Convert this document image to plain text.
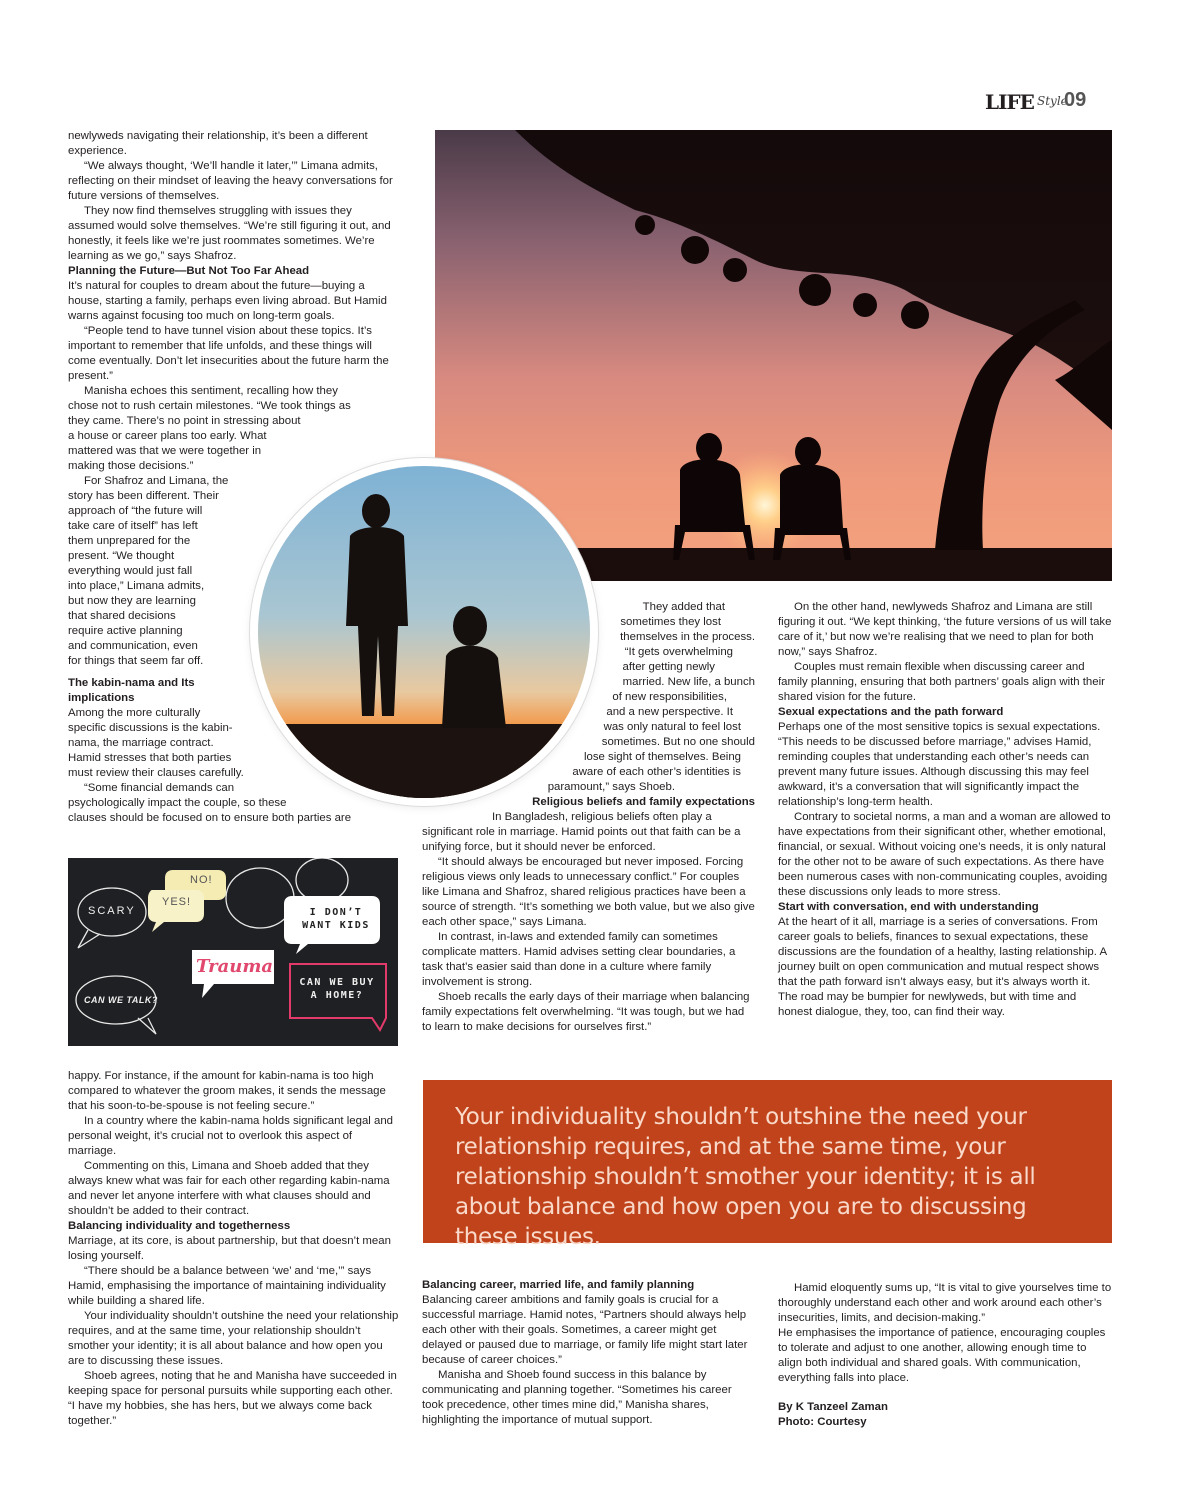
LIFE Style
09

newlyweds navigating their relationship, it’s been a different experience.

“We always thought, ‘We’ll handle it later,’” Limana admits, reflecting on their mindset of leaving the heavy conversations for future versions of themselves.

They now find themselves struggling with issues they assumed would solve themselves. “We’re still figuring it out, and honestly, it feels like we’re just roommates sometimes. We’re learning as we go,” says Shafroz.

Planning the Future—But Not Too Far Ahead

It’s natural for couples to dream about the future—buying a house, starting a family, perhaps even living abroad. But Hamid warns against focusing too much on long-term goals.

“People tend to have tunnel vision about these topics. It’s important to remember that life unfolds, and these things will come eventually. Don’t let insecurities about the future harm the present.”

Manisha echoes this sentiment, recalling how they
chose not to rush certain milestones. “We took things as
they came. There’s no point in stressing about
a house or career plans too early. What
mattered was that we were together in
making those decisions.”
For Shafroz and Limana, the
story has been different. Their
approach of “the future will
take care of itself” has left
them unprepared for the
present. “We thought
everything would just fall
into place,” Limana admits,
but now they are learning
that shared decisions
require active planning
and communication, even
for things that seem far off.
The kabin-nama and Its
implications
Among the more culturally
specific discussions is the kabin-
nama, the marriage contract.
Hamid stresses that both parties
must review their clauses carefully.
“Some financial demands can
psychologically impact the couple, so these
clauses should be focused on to ensure both parties are
NO!
YES!
SCARY	I DON’T WANT KIDS
Trauma
CAN WE BUY A HOME?
CAN WE TALK?

happy. For instance, if the amount for kabin-nama is too high compared to whatever the groom makes, it sends the message that his soon-to-be-spouse is not feeling secure.”

In a country where the kabin-nama holds significant legal and personal weight, it’s crucial not to overlook this aspect of marriage.

Commenting on this, Limana and Shoeb added that they always knew what was fair for each other regarding kabin-nama and never let anyone interfere with what clauses should and shouldn’t be added to their contract.

Balancing individuality and togetherness

Marriage, at its core, is about partnership, but that doesn’t mean losing yourself.

“There should be a balance between ‘we’ and ‘me,’” says Hamid, emphasising the importance of maintaining individuality while building a shared life.

Your individuality shouldn’t outshine the need your relationship requires, and at the same time, your relationship shouldn’t smother your identity; it is all about balance and how open you are to discussing these issues.

Shoeb agrees, noting that he and Manisha have succeeded in keeping space for personal pursuits while supporting each other. “I have my hobbies, she has hers, but we always come back together.”

They added that
sometimes they lost
themselves in the process.
“It gets overwhelming
after getting newly
married. New life, a bunch
of new responsibilities,
and a new perspective. It
was only natural to feel lost
sometimes. But no one should
lose sight of themselves. Being
aware of each other’s identities is
paramount,” says Shoeb.
Religious beliefs and family expectations

In Bangladesh, religious beliefs often play a significant role in marriage. Hamid points out that faith can be a unifying force, but it should never be enforced.

“It should always be encouraged but never imposed. Forcing religious views only leads to unnecessary conflict.” For couples like Limana and Shafroz, shared religious practices have been a source of strength. “It’s something we both value, but we also give each other space,” says Limana.

In contrast, in-laws and extended family can sometimes complicate matters. Hamid advises setting clear boundaries, a task that’s easier said than done in a culture where family involvement is strong.

Shoeb recalls the early days of their marriage when balancing family expectations felt overwhelming. “It was tough, but we had to learn to make decisions for ourselves first.”

On the other hand, newlyweds Shafroz and Limana are still figuring it out. “We kept thinking, ‘the future versions of us will take care of it,’ but now we’re realising that we need to plan for both now,” says Shafroz.

Couples must remain flexible when discussing career and family planning, ensuring that both partners’ goals align with their shared vision for the future.

Sexual expectations and the path forward

Perhaps one of the most sensitive topics is sexual expectations. “This needs to be discussed before marriage,” advises Hamid, reminding couples that understanding each other’s needs can prevent many future issues. Although discussing this may feel awkward, it’s a conversation that will significantly impact the relationship’s long-term health.

Contrary to societal norms, a man and a woman are allowed to have expectations from their significant other, whether emotional, financial, or sexual. Without voicing one’s needs, it is only natural for the other not to be aware of such expectations. As there have been numerous cases with non-communicating couples, avoiding these discussions only leads to more stress.

Start with conversation, end with understanding

At the heart of it all, marriage is a series of conversations. From career goals to beliefs, finances to sexual expectations, these discussions are the foundation of a healthy, lasting relationship. A journey built on open communication and mutual respect shows that the path forward isn’t always easy, but it’s always worth it. The road may be bumpier for newlyweds, but with time and honest dialogue, they, too, can find their way.

Your individuality shouldn’t outshine the need your relationship requires, and at the same time, your relationship shouldn’t smother your identity; it is all about balance and how open you are to discussing these issues.
Balancing career, married life, and family planning

Balancing career ambitions and family goals is crucial for a successful marriage. Hamid notes, “Partners should always help each other with their goals. Sometimes, a career might get delayed or paused due to marriage, or family life might start later because of career choices.”

Manisha and Shoeb found success in this balance by communicating and planning together. “Sometimes his career took precedence, other times mine did,” Manisha shares, highlighting the importance of mutual support.

Hamid eloquently sums up, “It is vital to give yourselves time to thoroughly understand each other and work around each other’s insecurities, limits, and decision-making.”

He emphasises the importance of patience, encouraging couples to tolerate and adjust to one another, allowing enough time to align both individual and shared goals. With communication, everything falls into place.

By K Tanzeel Zaman
Photo: Courtesy
